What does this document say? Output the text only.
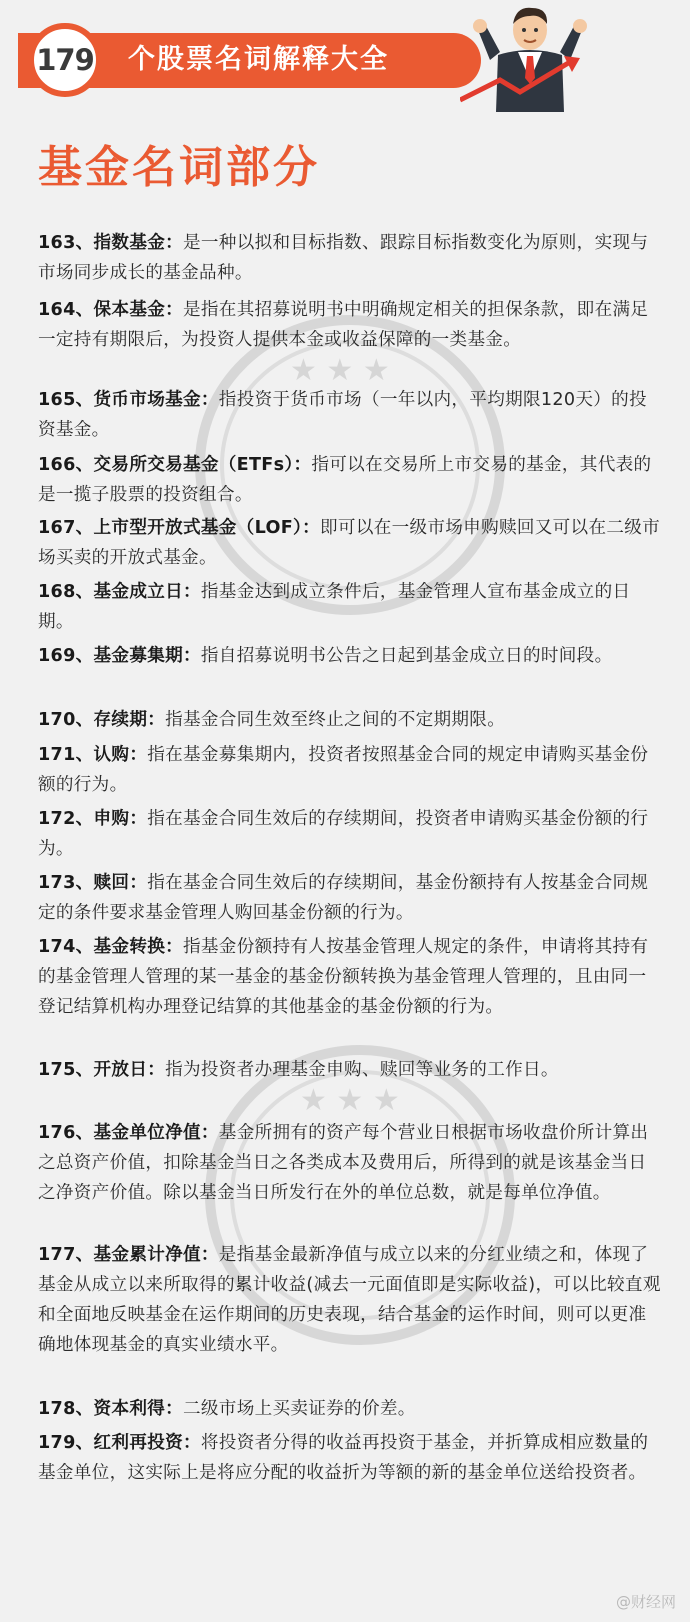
★ ★ ★
★ ★ ★
179 个股票名词解释大全
基金名词部分
163、指数基金：是一种以拟和目标指数、跟踪目标指数变化为原则，实现与市场同步成长的基金品种。
164、保本基金：是指在其招募说明书中明确规定相关的担保条款，即在满足一定持有期限后，为投资人提供本金或收益保障的一类基金。
165、货币市场基金：指投资于货币市场（一年以内，平均期限120天）的投资基金。
166、交易所交易基金（ETFs）：指可以在交易所上市交易的基金，其代表的是一揽子股票的投资组合。
167、上市型开放式基金（LOF）：即可以在一级市场申购赎回又可以在二级市场买卖的开放式基金。
168、基金成立日：指基金达到成立条件后，基金管理人宣布基金成立的日期。
169、基金募集期：指自招募说明书公告之日起到基金成立日的时间段。
170、存续期：指基金合同生效至终止之间的不定期期限。
171、认购：指在基金募集期内，投资者按照基金合同的规定申请购买基金份额的行为。
172、申购：指在基金合同生效后的存续期间，投资者申请购买基金份额的行为。
173、赎回：指在基金合同生效后的存续期间，基金份额持有人按基金合同规定的条件要求基金管理人购回基金份额的行为。
174、基金转换：指基金份额持有人按基金管理人规定的条件，申请将其持有的基金管理人管理的某一基金的基金份额转换为基金管理人管理的，且由同一登记结算机构办理登记结算的其他基金的基金份额的行为。
175、开放日：指为投资者办理基金申购、赎回等业务的工作日。
176、基金单位净值：基金所拥有的资产每个营业日根据市场收盘价所计算出之总资产价值，扣除基金当日之各类成本及费用后，所得到的就是该基金当日之净资产价值。除以基金当日所发行在外的单位总数，就是每单位净值。
177、基金累计净值：是指基金最新净值与成立以来的分红业绩之和，体现了基金从成立以来所取得的累计收益(减去一元面值即是实际收益)，可以比较直观和全面地反映基金在运作期间的历史表现，结合基金的运作时间，则可以更准确地体现基金的真实业绩水平。
178、资本利得：二级市场上买卖证券的价差。
179、红利再投资：将投资者分得的收益再投资于基金，并折算成相应数量的基金单位，这实际上是将应分配的收益折为等额的新的基金单位送给投资者。
@财经网
